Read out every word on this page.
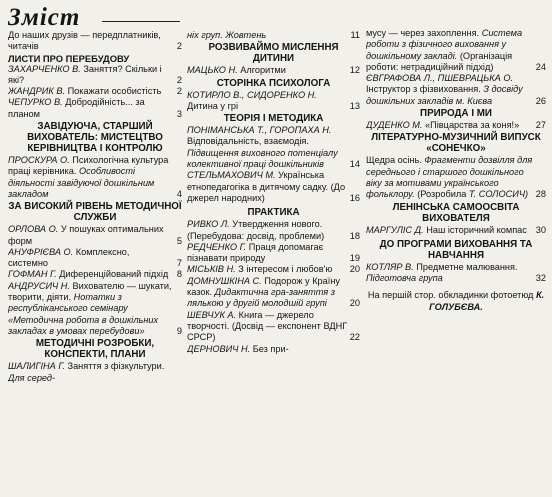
Зміст
До наших друзів — передплатників, читачів	2
ЛИСТИ ПРО ПЕРЕБУДОВУ
ЗАХАРЧЕНКО В. Заняття? Скільки і які?	2
ЖАНДРИК В. Покажати особистість 2
ЧЕПУРКО В. Добродійність... за планом	3
ЗАВІДУЮЧА, СТАРШИЙ ВИХОВАТЕЛЬ: МИСТЕЦТВО КЕРІВНИЦТВА І КОНТРОЛЮ
ПРОСКУРА О. Психологічна культура праці керівника. Особливості діяльності завідуючої дошкільним закладом	4
ЗА ВИСОКИЙ РІВЕНЬ МЕТОДИЧНОЇ СЛУЖБИ
ОРЛОВА О. У пошуках оптимальних форм	5
АНУФРІЄВА О. Комплексно, системно	7
ГОФМАН Г. Диференційований підхід 8
АНДРУСИЧ Н. Вихователю — шукати, творити, діяти. Нотатки з республіканського семінару «Методична робота в дошкільних закладах в умовах перебудови»	9
МЕТОДИЧНІ РОЗРОБКИ, КОНСПЕКТИ, ПЛАНИ
ШАЛИГІНА Г. Заняття з фізкультури. Для серед-
ніх груп. Жовтень	11
РОЗВИВАЙМО МИСЛЕННЯ ДИТИНИ
МАЦЬКО Н. Алгоритми	12
СТОРІНКА ПСИХОЛОГА
КОТИРЛО В., СИДОРЕНКО Н. Дитина у грі	13
ТЕОРІЯ І МЕТОДИКА
ПОНІМАНСЬКА Т., ГОРОПАХА Н. Відповідальність, взаємодія. Підвищення виховного потенціалу колективної праці дошкільників	14
СТЕЛЬМАХОВИЧ М. Українська етнопедагогіка в дитячому садку. (До джерел народних)	16
ПРАКТИКА
РИВКО Л. Утвердження нового. (Перебудова: досвід, проблеми)	18
РЕДЧЕНКО Г. Праця допомагає пізнавати природу	19
МІСЬКІВ Н. З інтересом і любов'ю 20
ДОМНУШКІНА С. Подорож у Країну казок. Дидактична гра-заняття з лялькою у другій молодшій групі 20
ШЕВЧУК А. Книга — джерело творчості. (Досвід — експонент ВДНГ СРСР)	22
ДЕРНОВИЧ Н. Без при-
мусу — через захоплення. Система роботи з фізичного виховання у дошкільному закладі. (Організація роботи: нетрадиційний підхід)	24
ЄВГРАФОВА Л., ПШЕВРАЦЬКА О. Інструктор з фізвиховання. З досвіду дошкільних закладів м. Києва	26
ПРИРОДА І МИ
ДУДЕНКО М. «Півцарства за коня!» 27
ЛІТЕРАТУРНО-МУЗИЧНИЙ ВИПУСК «СОНЕЧКО»
Щедра осінь. Фрагменти дозвілля для середнього і старшого дошкільного віку за мотивами українського фольклору. (Розробила Т. СОЛОСИЧ) 28
ЛЕНІНСЬКА САМООСВІТА ВИХОВАТЕЛЯ
МАРГУЛІС Д. Наш історичний компас 30
ДО ПРОГРАМИ ВИХОВАННЯ ТА НАВЧАННЯ
КОТЛЯР В. Предметне малювання. Підготовча група	32
На першій стор. обкладинки фотоетюд К. ГОЛУБЄВА.
